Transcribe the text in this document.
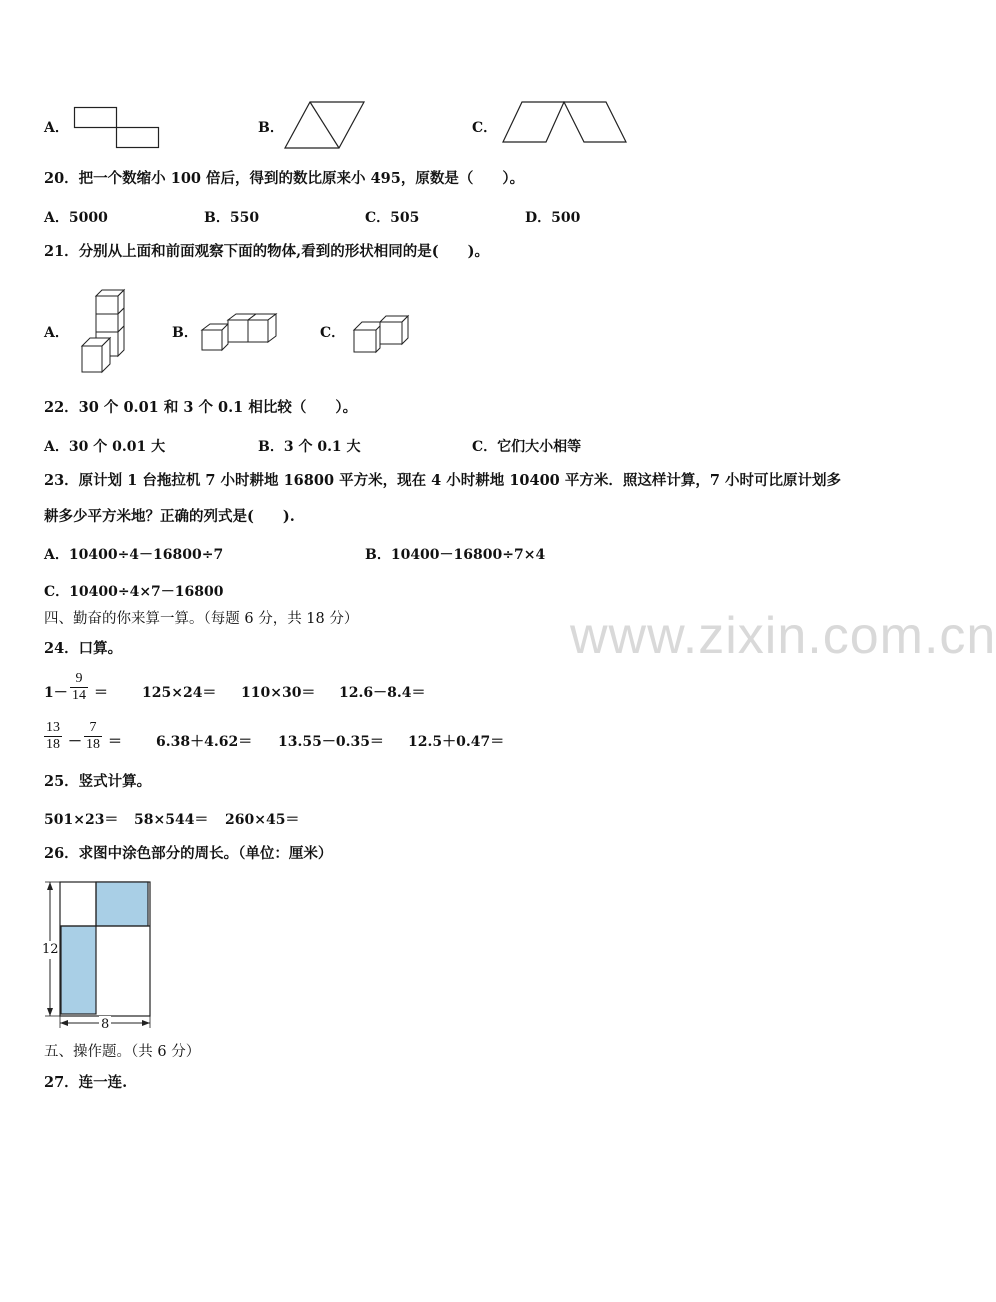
A．	B．	C．
20．把一个数缩小 100 倍后，得到的数比原来小 495，原数是（　　）。
A．5000	B．550	C．505	D．500
21．分别从上面和前面观察下面的物体,看到的形状相同的是(　　)。
A．	B．	C．
22．30 个 0.01 和 3 个 0.1 相比较（　　）。
A．30 个 0.01 大	B．3 个 0.1 大	C．它们大小相等
23．原计划 1 台拖拉机 7 小时耕地 16800 平方米，现在 4 小时耕地 10400 平方米．照这样计算，7 小时可比原计划多
耕多少平方米地？正确的列式是(　　).
A．10400÷4－16800÷7	B．10400－16800÷7×4
C．10400÷4×7－16800
四、勤奋的你来算一算。（每题 6 分，共 18 分）	www.zixin.com.cn
24．口算。
$1- \frac{9}{14} = 125\times 24= 110\times 30= 12.6-8.4=$
$\frac{13}{18} - \frac{7}{18} = 6.38+4.62= 13.55-0.35= 12.5+0.47=$
25．竖式计算。
501×23＝ 58×544＝ 260×45＝
26．求图中涂色部分的周长。（单位：厘米）
12
8
五、操作题。（共 6 分）
27．连一连.
